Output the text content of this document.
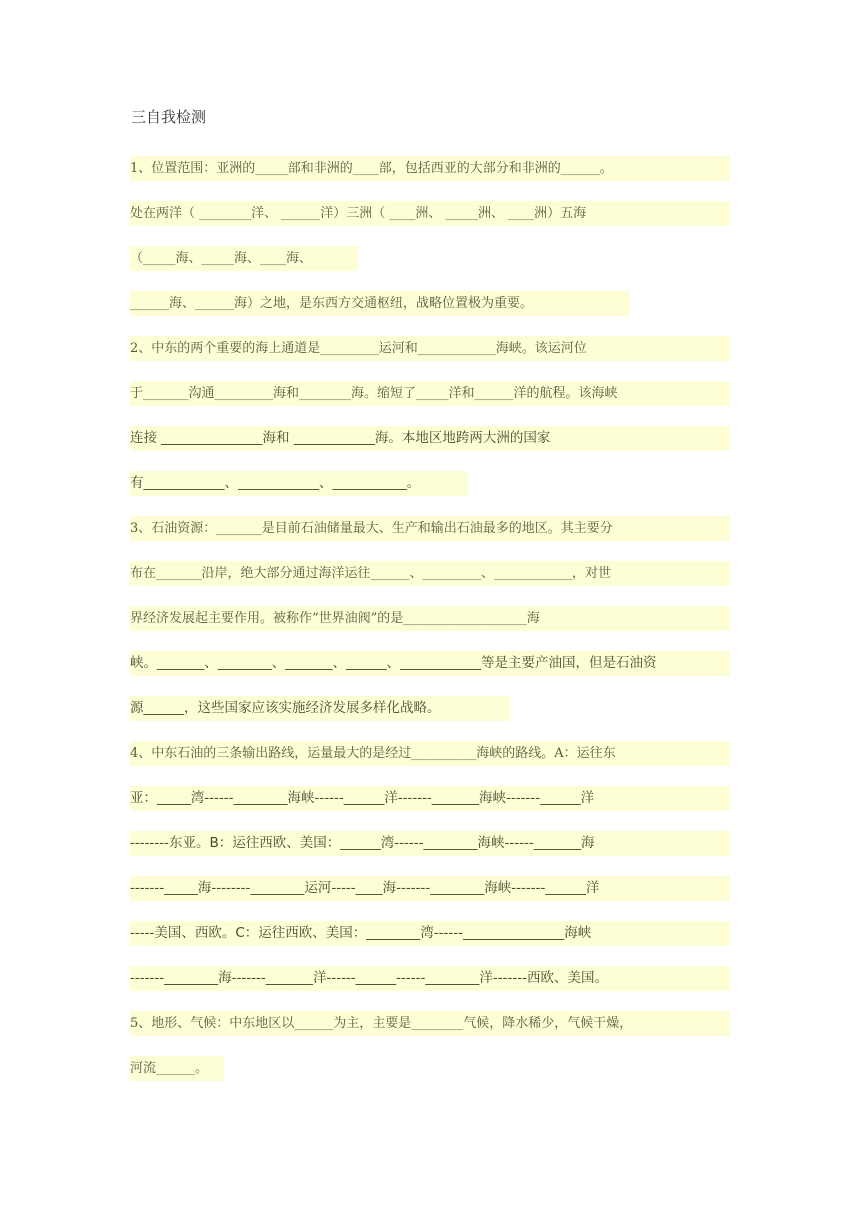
三自我检测
1、位置范围：亚洲的_____部和非洲的____部，包括西亚的大部分和非洲的______。
处在两洋（ ________洋、 ______洋）三洲（ ____洲、 _____洲、 ____洲）五海
（_____海、_____海、____海、
______海、______海）之地，是东西方交通枢纽，战略位置极为重要。
2、中东的两个重要的海上通道是_________运河和____________海峡。该运河位
于_______沟通_________海和________海。缩短了_____洋和______洋的航程。该海峡
连接 _______________海和 ____________海。本地区地跨两大洲的国家
有____________、____________、___________。
3、石油资源：_______是目前石油储量最大、生产和输出石油最多的地区。其主要分
布在_______沿岸，绝大部分通过海洋运往______、_________、____________，对世
界经济发展起主要作用。被称作“世界油阀”的是___________________海
峡。_______、________、_______、______、____________等是主要产油国，但是石油资
源______，这些国家应该实施经济发展多样化战略。
4、中东石油的三条输出路线，运量最大的是经过__________海峡的路线。A：运往东
亚：_____湾------________海峡------______洋-------_______海峡-------______洋
--------东亚。B：运往西欧、美国：______湾------________海峡------_______海
-------_____海--------________运河-----____海-------________海峡-------______洋
-----美国、西欧。C：运往西欧、美国：________湾------_______________海峡
-------________海-------_______洋------______------________洋-------西欧、美国。
5、地形、气候：中东地区以______为主，主要是________气候，降水稀少，气候干燥，
河流______。
